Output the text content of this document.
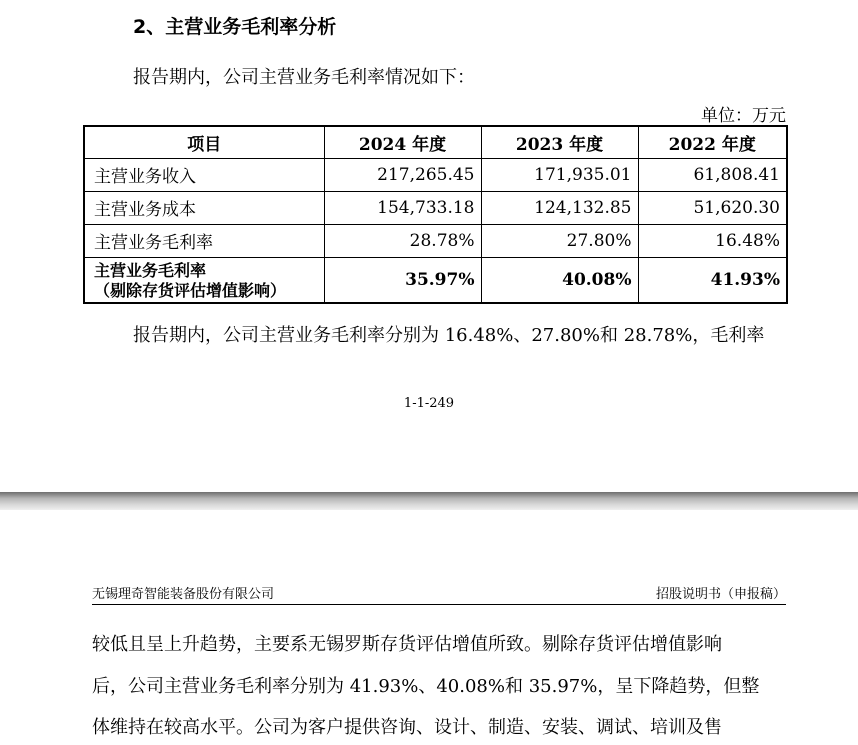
2、主营业务毛利率分析
报告期内，公司主营业务毛利率情况如下：
单位：万元
项目	2024 年度	2023 年度	2022 年度
主营业务收入	217,265.45	171,935.01	61,808.41
主营业务成本	154,733.18	124,132.85	51,620.30
主营业务毛利率	28.78%	27.80%	16.48%

主营业务毛利率
（剔除存货评估增值影响）	35.97%	40.08%	41.93%
报告期内，公司主营业务毛利率分别为 16.48%、27.80%和 28.78%，毛利率
1-1-249
无锡理奇智能装备股份有限公司	招股说明书（申报稿）
较低且呈上升趋势，主要系无锡罗斯存货评估增值所致。剔除存货评估增值影响
后，公司主营业务毛利率分别为 41.93%、40.08%和 35.97%，呈下降趋势，但整
体维持在较高水平。公司为客户提供咨询、设计、制造、安装、调试、培训及售
